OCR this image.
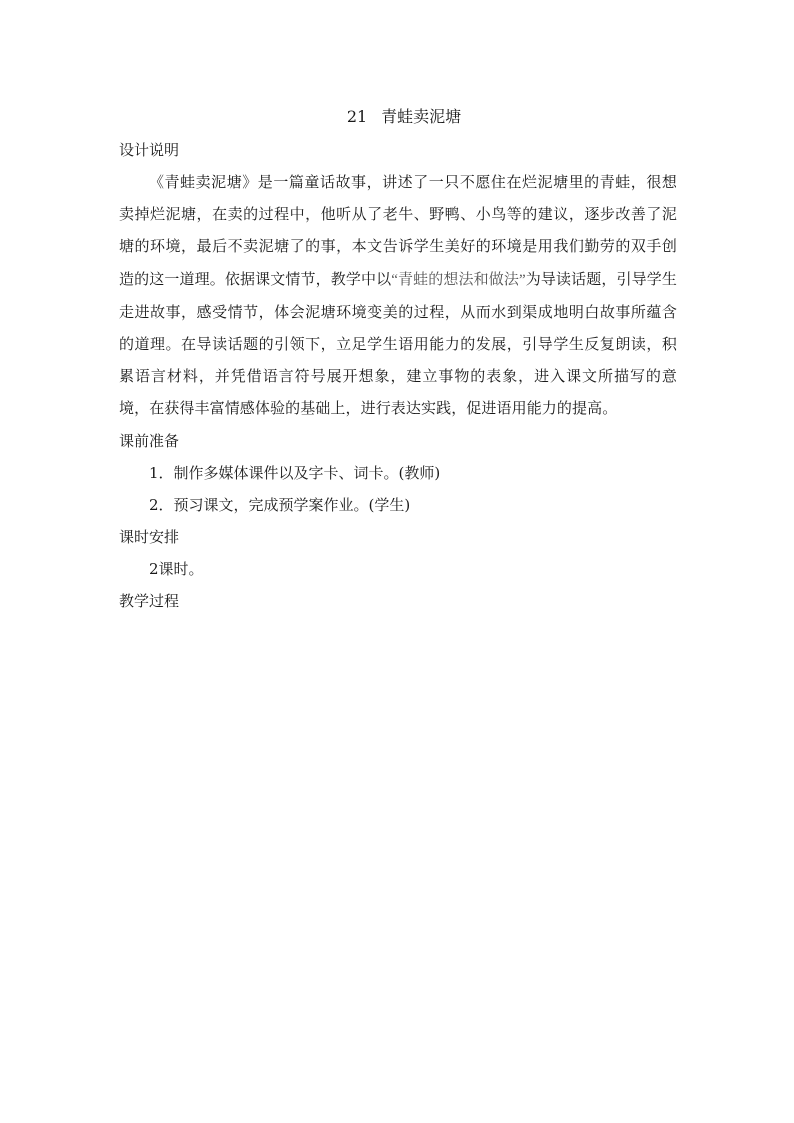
21 青蛙卖泥塘
设计说明

《青蛙卖泥塘》是一篇童话故事，讲述了一只不愿住在烂泥塘里的青蛙，很想卖掉烂泥塘，在卖的过程中，他听从了老牛、野鸭、小鸟等的建议，逐步改善了泥塘的环境，最后不卖泥塘了的事，本文告诉学生美好的环境是用我们勤劳的双手创造的这一道理。依据课文情节，教学中以“青蛙的想法和做法”为导读话题，引导学生走进故事，感受情节，体会泥塘环境变美的过程，从而水到渠成地明白故事所蕴含的道理。在导读话题的引领下，立足学生语用能力的发展，引导学生反复朗读，积累语言材料，并凭借语言符号展开想象，建立事物的表象，进入课文所描写的意境，在获得丰富情感体验的基础上，进行表达实践，促进语用能力的提高。

课前准备

1．制作多媒体课件以及字卡、词卡。(教师)

2．预习课文，完成预学案作业。(学生)

课时安排

2课时。

教学过程
